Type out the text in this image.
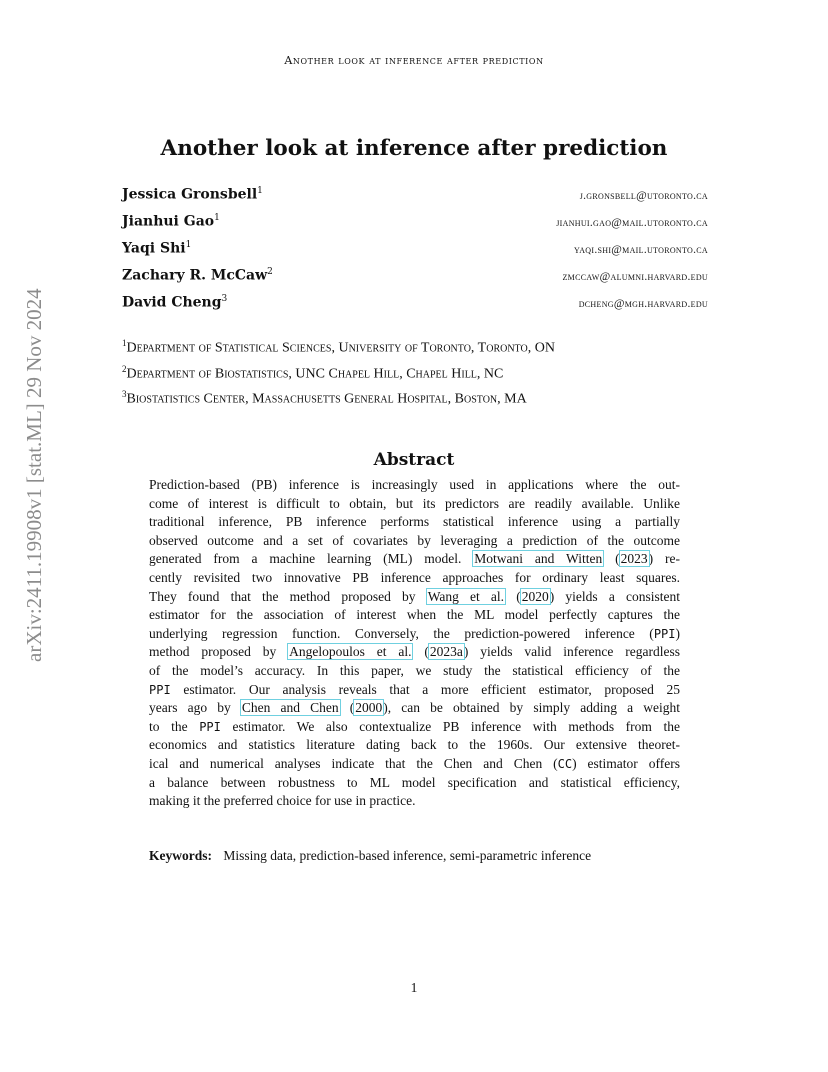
Another look at inference after prediction
arXiv:2411.19908v1 [stat.ML] 29 Nov 2024
Another look at inference after prediction
Jessica Gronsbell$^1$	j.gronsbell@utoronto.ca
Jianhui Gao$^1$	jianhui.gao@mail.utoronto.ca
Yaqi Shi$^1$	yaqi.shi@mail.utoronto.ca
Zachary R. McCaw$^2$	zmccaw@alumni.harvard.edu
David Cheng$^3$	dcheng@mgh.harvard.edu
$^1$Department of Statistical Sciences, University of Toronto, Toronto, ON
$^2$Department of Biostatistics, UNC Chapel Hill, Chapel Hill, NC
$^3$Biostatistics Center, Massachusetts General Hospital, Boston, MA
Abstract
Prediction-based (PB) inference is increasingly used in applications where the out-
come of interest is difficult to obtain, but its predictors are readily available. Unlike
traditional inference, PB inference performs statistical inference using a partially
observed outcome and a set of covariates by leveraging a prediction of the outcome
generated from a machine learning (ML) model. Motwani and Witten (2023) re-
cently revisited two innovative PB inference approaches for ordinary least squares.
They found that the method proposed by Wang et al. (2020) yields a consistent
estimator for the association of interest when the ML model perfectly captures the
underlying regression function. Conversely, the prediction-powered inference (PPI)
method proposed by Angelopoulos et al. (2023a) yields valid inference regardless
of the model’s accuracy. In this paper, we study the statistical efficiency of the
PPI estimator. Our analysis reveals that a more efficient estimator, proposed 25
years ago by Chen and Chen (2000), can be obtained by simply adding a weight
to the PPI estimator. We also contextualize PB inference with methods from the
economics and statistics literature dating back to the 1960s. Our extensive theoret-
ical and numerical analyses indicate that the Chen and Chen (CC) estimator offers
a balance between robustness to ML model specification and statistical efficiency,
making it the preferred choice for use in practice.
Keywords: Missing data, prediction-based inference, semi-parametric inference
1
